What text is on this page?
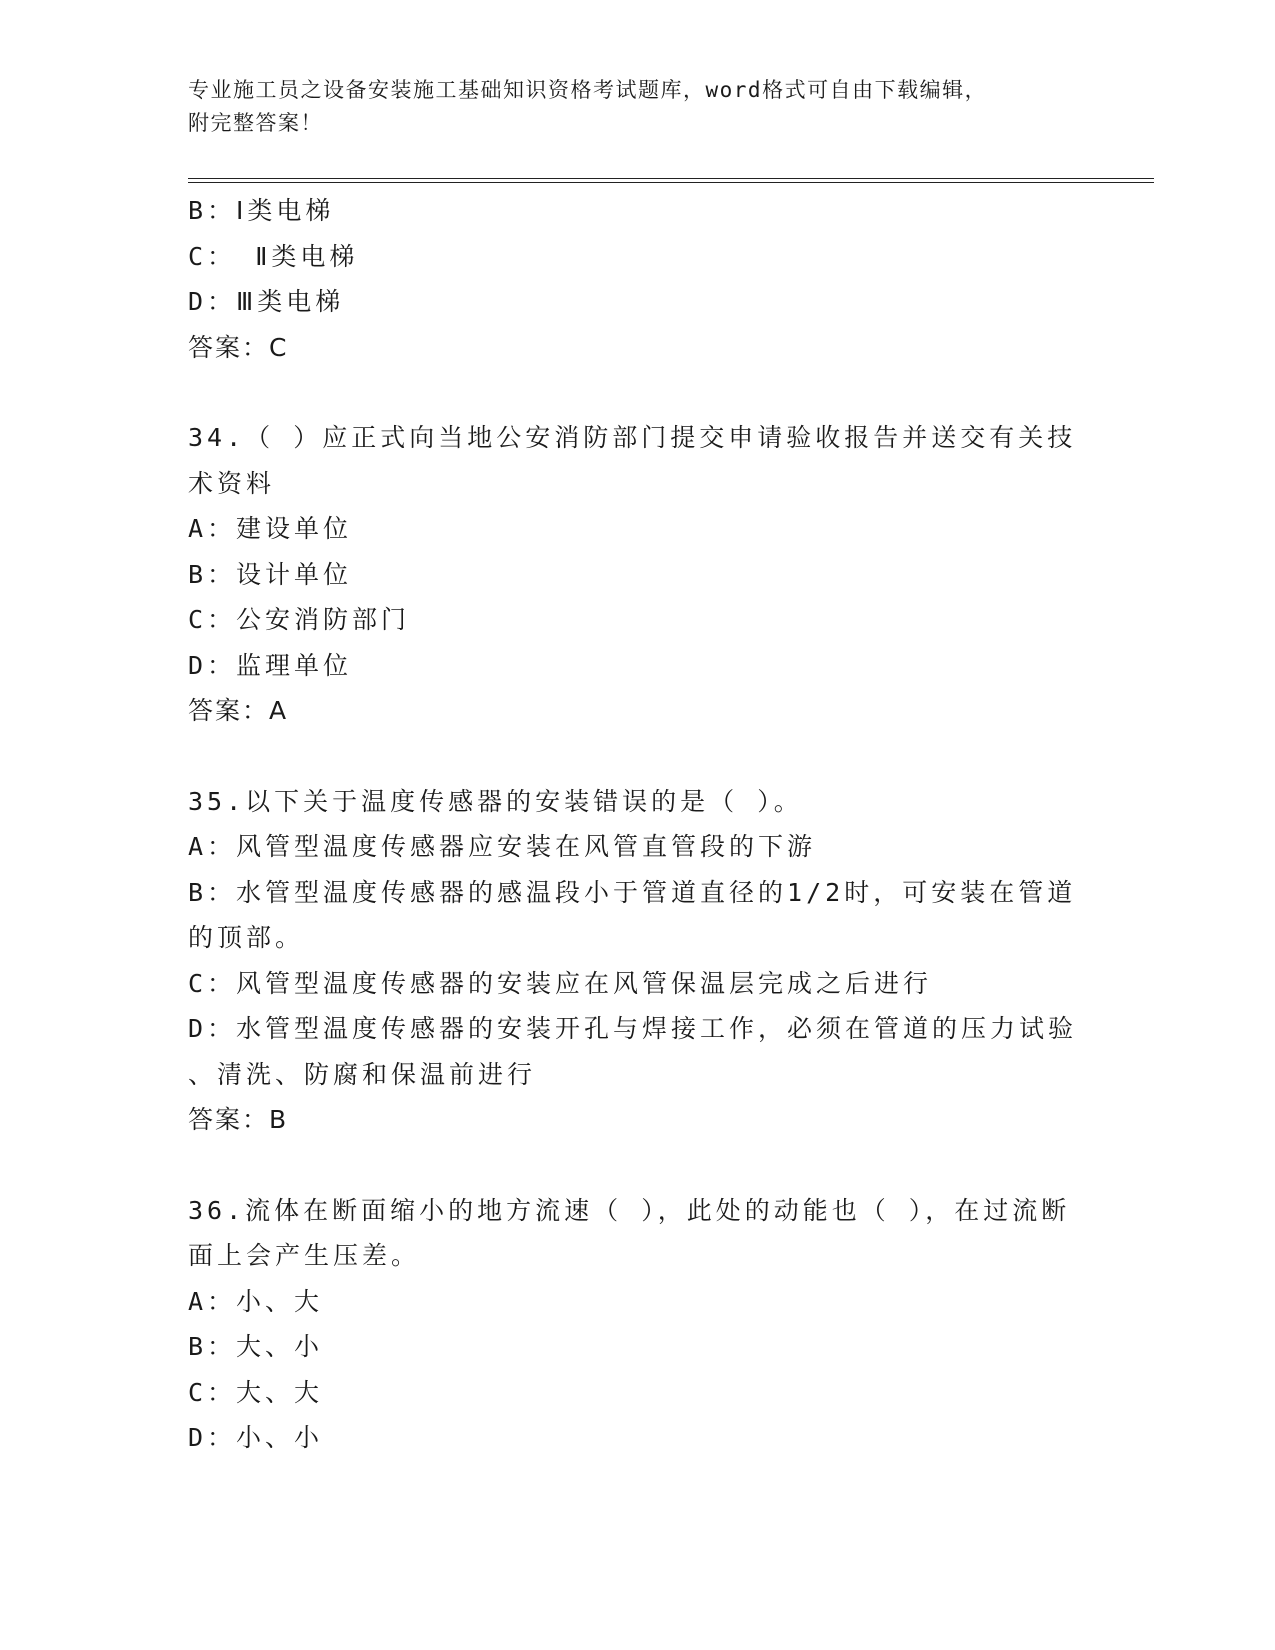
专业施工员之设备安装施工基础知识资格考试题库，word格式可自由下载编辑，
附完整答案！
B：Ⅰ类电梯
C： Ⅱ类电梯
D：Ⅲ类电梯
答案：C
34.（ ）应正式向当地公安消防部门提交申请验收报告并送交有关技
术资料
A：建设单位
B：设计单位
C：公安消防部门
D：监理单位
答案：A
35.以下关于温度传感器的安装错误的是（ ）。
A：风管型温度传感器应安装在风管直管段的下游
B：水管型温度传感器的感温段小于管道直径的1/2时，可安装在管道
的顶部。
C：风管型温度传感器的安装应在风管保温层完成之后进行
D：水管型温度传感器的安装开孔与焊接工作，必须在管道的压力试验
、清洗、防腐和保温前进行
答案：B
36.流体在断面缩小的地方流速（ ），此处的动能也（ ），在过流断
面上会产生压差。
A：小、大
B：大、小
C：大、大
D：小、小
